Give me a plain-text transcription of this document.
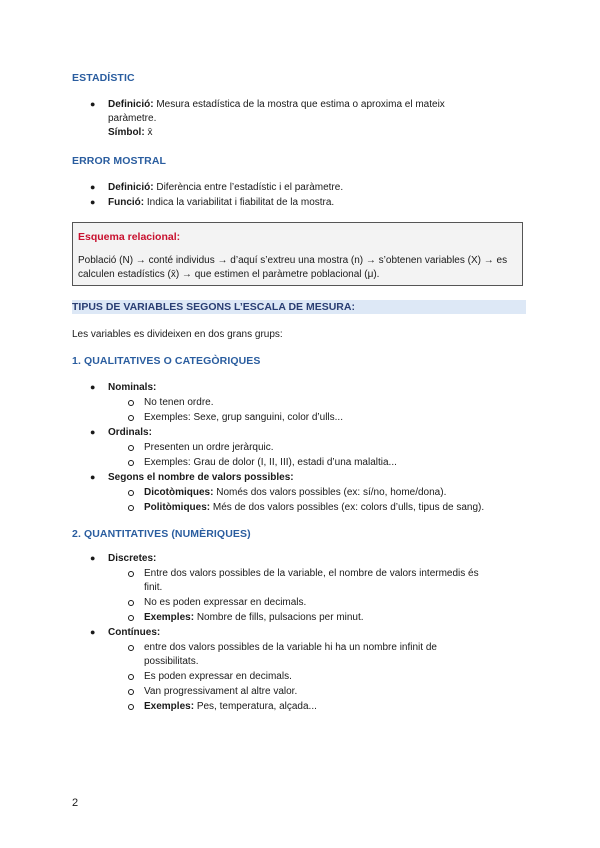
ESTADÍSTIC
● Definició: Mesura estadística de la mostra que estima o aproxima el mateix
paràmetre.
Símbol: x̄
ERROR MOSTRAL
● Definició: Diferència entre l’estadístic i el paràmetre.
● Funció: Indica la variabilitat i fiabilitat de la mostra.
Esquema relacional:
Població (N) → conté individus → d’aquí s’extreu una mostra (n) → s’obtenen variables (X) → es calculen estadístics (x̄) → que estimen el paràmetre poblacional (μ).
TIPUS DE VARIABLES SEGONS L’ESCALA DE MESURA:
Les variables es divideixen en dos grans grups:
1. QUALITATIVES O CATEGÒRIQUES
● Nominals:
No tenen ordre.
Exemples: Sexe, grup sanguini, color d’ulls...
● Ordinals:
Presenten un ordre jeràrquic.
Exemples: Grau de dolor (I, II, III), estadi d’una malaltia...
● Segons el nombre de valors possibles:
Dicotòmiques: Només dos valors possibles (ex: sí/no, home/dona).
Politòmiques: Més de dos valors possibles (ex: colors d’ulls, tipus de sang).
2. QUANTITATIVES (NUMÈRIQUES)
● Discretes:
Entre dos valors possibles de la variable, el nombre de valors intermedis és
finit.
No es poden expressar en decimals.
Exemples: Nombre de fills, pulsacions per minut.
● Contínues:
entre dos valors possibles de la variable hi ha un nombre infinit de
possibilitats.
Es poden expressar en decimals.
Van progressivament al altre valor.
Exemples: Pes, temperatura, alçada...
2
